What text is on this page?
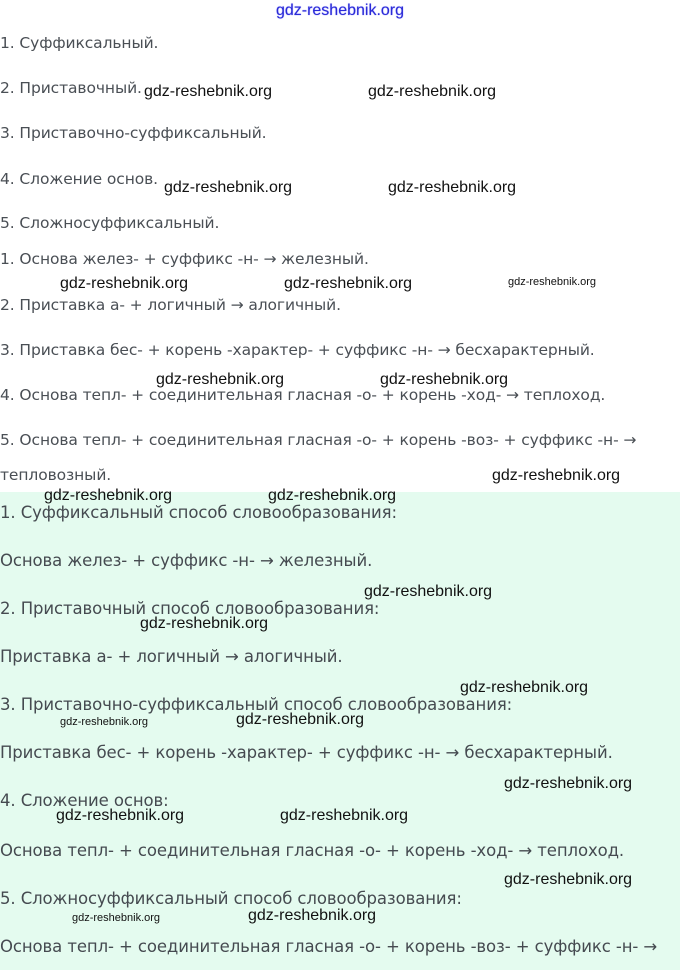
gdz-reshebnik.org
1. Суффиксальный.
2. Приставочный.
3. Приставочно-суффиксальный.
4. Сложение основ.
5. Сложносуффиксальный.
1. Основа желез- + суффикс -н- → железный.
2. Приставка а- + логичный → алогичный.
3. Приставка бес- + корень -характер- + суффикс -н- → бесхарактерный.
4. Основа тепл- + соединительная гласная -о- + корень -ход- → теплоход.
5. Основа тепл- + соединительная гласная -о- + корень -воз- + суффикс -н- →
тепловозный.
1. Суффиксальный способ словообразования:
Основа желез- + суффикс -н- → железный.
2. Приставочный способ словообразования:
Приставка а- + логичный → алогичный.
3. Приставочно-суффиксальный способ словообразования:
Приставка бес- + корень -характер- + суффикс -н- → бесхарактерный.
4. Сложение основ:
Основа тепл- + соединительная гласная -о- + корень -ход- → теплоход.
5. Сложносуффиксальный способ словообразования:
Основа тепл- + соединительная гласная -о- + корень -воз- + суффикс -н- →
gdz-reshebnik.org	gdz-reshebnik.org
gdz-reshebnik.org	gdz-reshebnik.org
gdz-reshebnik.org	gdz-reshebnik.org	gdz-reshebnik.org
gdz-reshebnik.org	gdz-reshebnik.org
gdz-reshebnik.org
gdz-reshebnik.org	gdz-reshebnik.org
gdz-reshebnik.org
gdz-reshebnik.org
gdz-reshebnik.org
gdz-reshebnik.org	gdz-reshebnik.org
gdz-reshebnik.org
gdz-reshebnik.org	gdz-reshebnik.org
gdz-reshebnik.org
gdz-reshebnik.org	gdz-reshebnik.org
